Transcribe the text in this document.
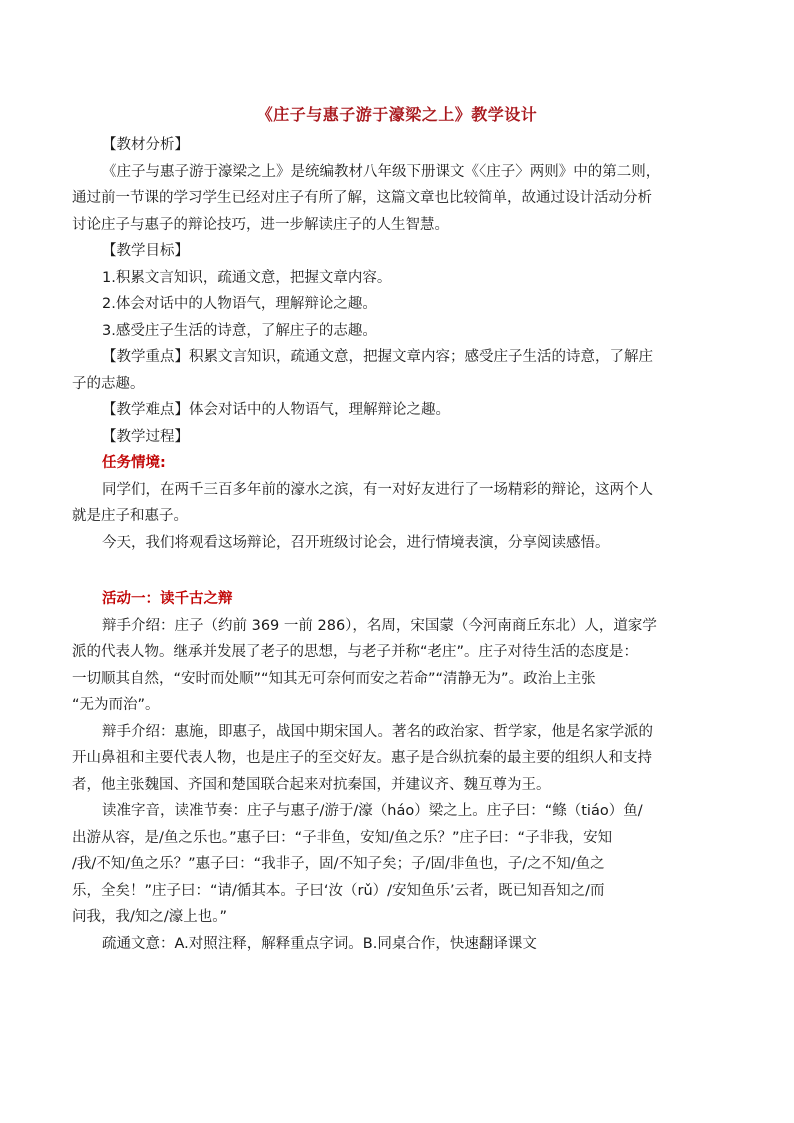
《庄子与惠子游于濠梁之上》教学设计

【教材分析】

《庄子与惠子游于濠梁之上》是统编教材八年级下册课文《〈庄子〉两则》中的第二则，

通过前一节课的学习学生已经对庄子有所了解，这篇文章也比较简单，故通过设计活动分析

讨论庄子与惠子的辩论技巧，进一步解读庄子的人生智慧。

【教学目标】

1.积累文言知识，疏通文意，把握文章内容。

2.体会对话中的人物语气，理解辩论之趣。

3.感受庄子生活的诗意，了解庄子的志趣。

【教学重点】积累文言知识，疏通文意，把握文章内容；感受庄子生活的诗意，了解庄

子的志趣。

【教学难点】体会对话中的人物语气，理解辩论之趣。

【教学过程】

任务情境:

同学们，在两千三百多年前的濠水之滨，有一对好友进行了一场精彩的辩论，这两个人

就是庄子和惠子。

今天，我们将观看这场辩论，召开班级讨论会，进行情境表演，分享阅读感悟。

活动一：读千古之辩

辩手介绍：庄子（约前 369 一前 286），名周，宋国蒙（今河南商丘东北）人，道家学

派的代表人物。继承并发展了老子的思想，与老子并称“老庄”。庄子对待生活的态度是：

一切顺其自然，“安时而处顺”“知其无可奈何而安之若命”“清静无为”。政治上主张

“无为而治”。

辩手介绍：惠施，即惠子，战国中期宋国人。著名的政治家、哲学家，他是名家学派的

开山鼻祖和主要代表人物，也是庄子的至交好友。惠子是合纵抗秦的最主要的组织人和支持

者，他主张魏国、齐国和楚国联合起来对抗秦国，并建议齐、魏互尊为王。

读准字音，读准节奏：庄子与惠子/游于/濠（háo）梁之上。庄子曰：“鲦（tiáo）鱼/

出游从容，是/鱼之乐也。”惠子曰：“子非鱼，安知/鱼之乐？”庄子曰：“子非我，安知

/我/不知/鱼之乐？”惠子曰：“我非子，固/不知子矣；子/固/非鱼也，子/之不知/鱼之

乐，全矣！”庄子曰：“请/循其本。子曰‘汝（rǔ）/安知鱼乐’云者，既已知吾知之/而

问我，我/知之/濠上也。”

疏通文意：A.对照注释，解释重点字词。B.同桌合作，快速翻译课文
